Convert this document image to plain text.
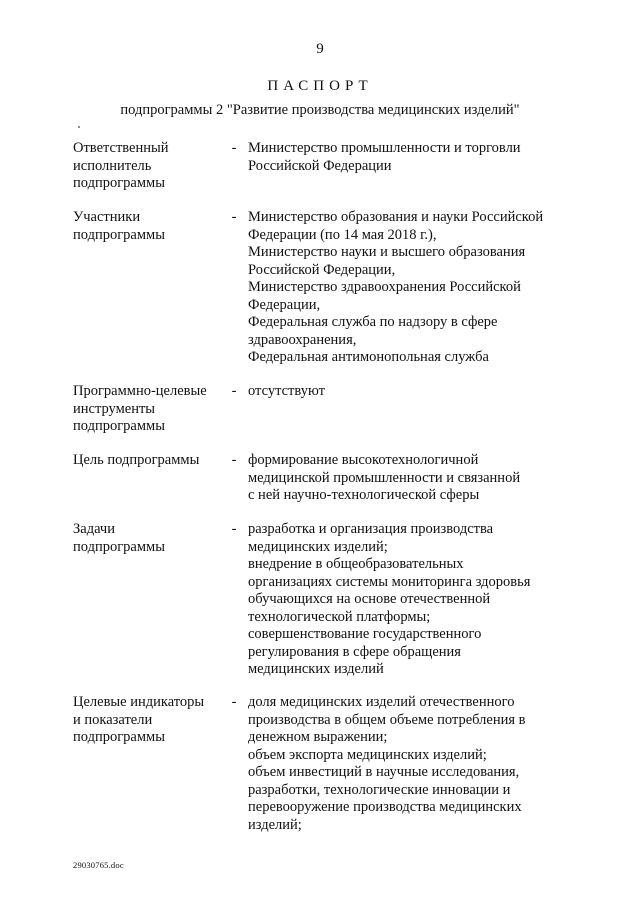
9
ПАСПОРТ
подпрограммы 2 "Развитие производства медицинских изделий"
Ответственный
исполнитель
подпрограммы
- Министерство промышленности и торговли
Российской Федерации
Участники
подпрограммы
- Министерство образования и науки Российской
Федерации (по 14 мая 2018 г.),
Министерство науки и высшего образования
Российской Федерации,
Министерство здравоохранения Российской
Федерации,
Федеральная служба по надзору в сфере
здравоохранения,
Федеральная антимонопольная служба
Программно-целевые
инструменты
подпрограммы
- отсутствуют
Цель подпрограммы	- формирование высокотехнологичной
медицинской промышленности и связанной
с ней научно-технологической сферы
Задачи
подпрограммы
- разработка и организация производства
медицинских изделий;
внедрение в общеобразовательных
организациях системы мониторинга здоровья
обучающихся на основе отечественной
технологической платформы;
совершенствование государственного
регулирования в сфере обращения
медицинских изделий
Целевые индикаторы
и показатели
подпрограммы
- доля медицинских изделий отечественного
производства в общем объеме потребления в
денежном выражении;
объем экспорта медицинских изделий;
объем инвестиций в научные исследования,
разработки, технологические инновации и
перевооружение производства медицинских
изделий;
29030765.doc
